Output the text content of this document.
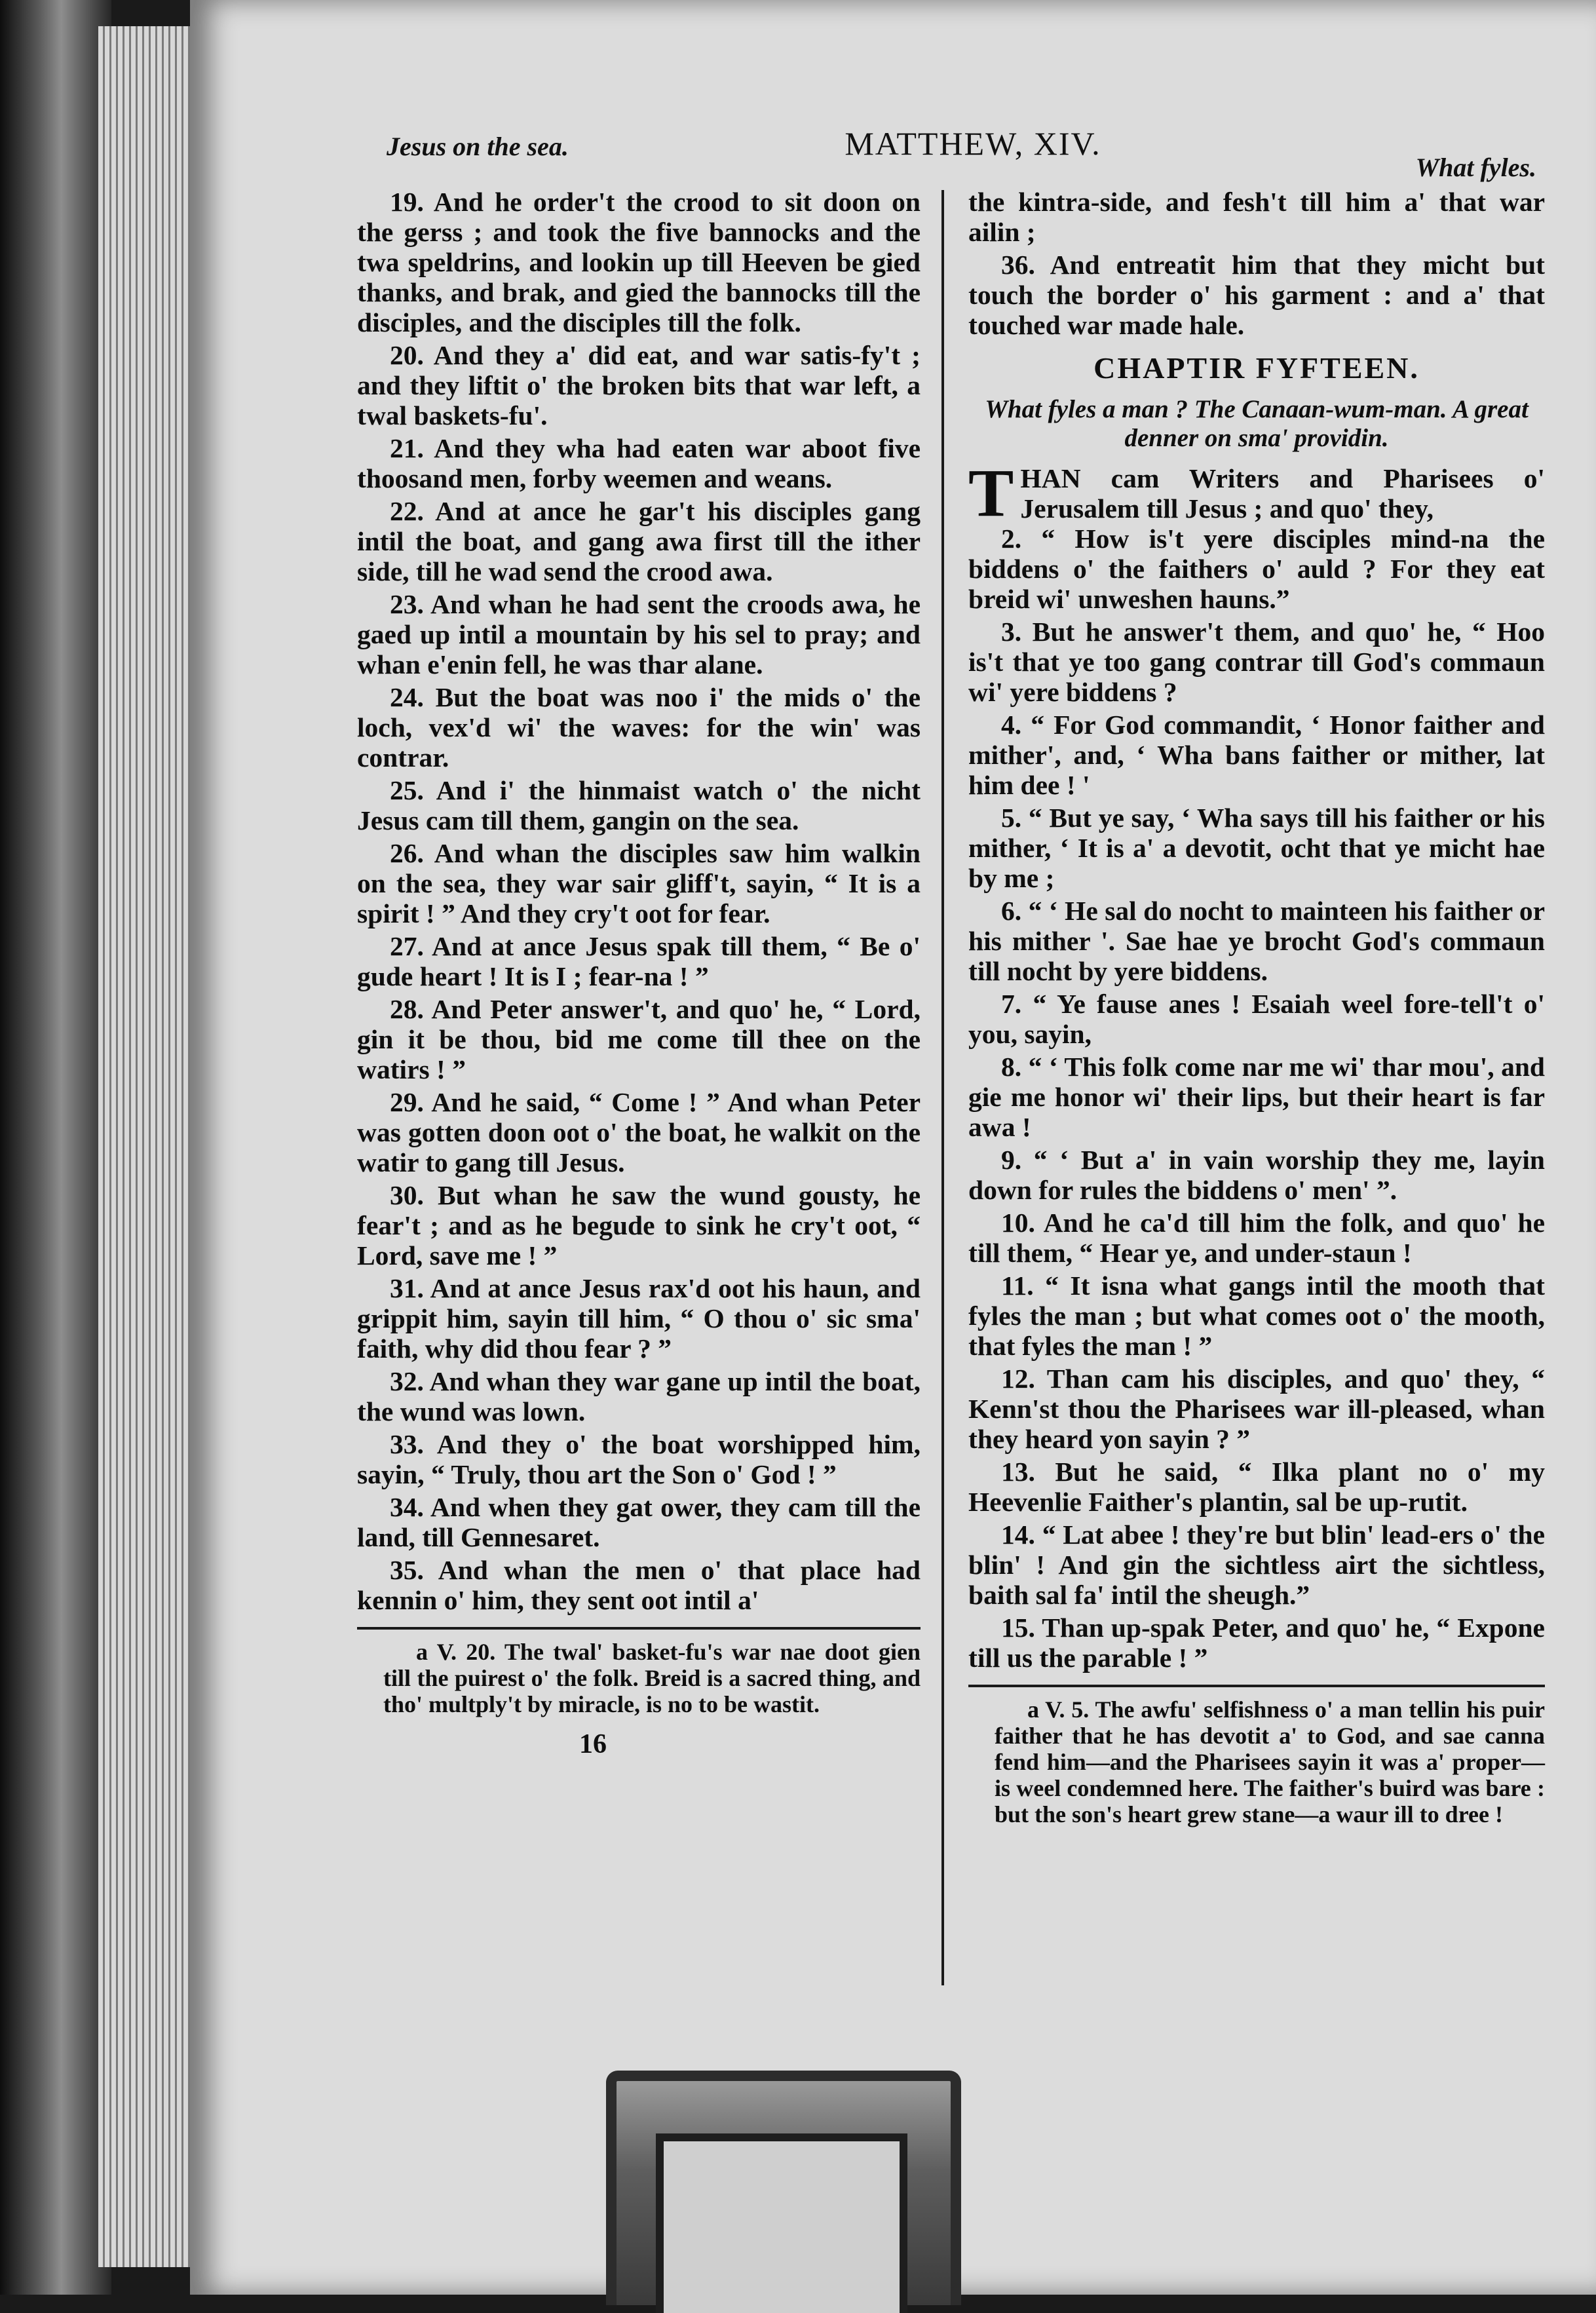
Jesus on the sea.	MATTHEW, XIV.
What fyles.

19. And he order't the crood to sit doon on the gerss ; and took the five bannocks and the twa speldrins, and lookin up till Heeven be gied thanks, and brak, and gied the bannocks till the disciples, and the disciples till the folk.

20. And they a' did eat, and war satis-fy't ; and they liftit o' the broken bits that war left, a twal baskets-fu'.

21. And they wha had eaten war aboot five thoosand men, forby weemen and weans.

22. And at ance he gar't his disciples gang intil the boat, and gang awa first till the ither side, till he wad send the crood awa.

23. And whan he had sent the croods awa, he gaed up intil a mountain by his sel to pray; and whan e'enin fell, he was thar alane.

24. But the boat was noo i' the mids o' the loch, vex'd wi' the waves: for the win' was contrar.

25. And i' the hinmaist watch o' the nicht Jesus cam till them, gangin on the sea.

26. And whan the disciples saw him walkin on the sea, they war sair gliff't, sayin, “ It is a spirit ! ” And they cry't oot for fear.

27. And at ance Jesus spak till them, “ Be o' gude heart ! It is I ; fear-na ! ”

28. And Peter answer't, and quo' he, “ Lord, gin it be thou, bid me come till thee on the watirs ! ”

29. And he said, “ Come ! ” And whan Peter was gotten doon oot o' the boat, he walkit on the watir to gang till Jesus.

30. But whan he saw the wund gousty, he fear't ; and as he begude to sink he cry't oot, “ Lord, save me ! ”

31. And at ance Jesus rax'd oot his haun, and grippit him, sayin till him, “ O thou o' sic sma' faith, why did thou fear ? ”

32. And whan they war gane up intil the boat, the wund was lown.

33. And they o' the boat worshipped him, sayin, “ Truly, thou art the Son o' God ! ”

34. And when they gat ower, they cam till the land, till Gennesaret.

35. And whan the men o' that place had kennin o' him, they sent oot intil a'

a V. 20. The twal' basket-fu's war nae doot gien till the puirest o' the folk. Breid is a sacred thing, and tho' multply't by miracle, is no to be wastit.

16

the kintra-side, and fesh't till him a' that war ailin ;

36. And entreatit him that they micht but touch the border o' his garment : and a' that touched war made hale.

CHAPTIR FYFTEEN.
What fyles a man ? The Canaan-wum-man. A great denner on sma' providin.

THAN cam Writers and Pharisees o' Jerusalem till Jesus ; and quo' they,

2. “ How is't yere disciples mind-na the biddens o' the faithers o' auld ? For they eat breid wi' unweshen hauns.”

3. But he answer't them, and quo' he, “ Hoo is't that ye too gang contrar till God's commaun wi' yere biddens ?

4. “ For God commandit, ‘ Honor faither and mither', and, ‘ Wha bans faither or mither, lat him dee ! '

5. “ But ye say, ‘ Wha says till his faither or his mither, ‘ It is a' a devotit, ocht that ye micht hae by me ;

6. “ ‘ He sal do nocht to mainteen his faither or his mither '. Sae hae ye brocht God's commaun till nocht by yere biddens.

7. “ Ye fause anes ! Esaiah weel fore-tell't o' you, sayin,

8. “ ‘ This folk come nar me wi' thar mou', and gie me honor wi' their lips, but their heart is far awa !

9. “ ‘ But a' in vain worship they me, layin down for rules the biddens o' men' ”.

10. And he ca'd till him the folk, and quo' he till them, “ Hear ye, and under-staun !

11. “ It isna what gangs intil the mooth that fyles the man ; but what comes oot o' the mooth, that fyles the man ! ”

12. Than cam his disciples, and quo' they, “ Kenn'st thou the Pharisees war ill-pleased, whan they heard yon sayin ? ”

13. But he said, “ Ilka plant no o' my Heevenlie Faither's plantin, sal be up-rutit.

14. “ Lat abee ! they're but blin' lead-ers o' the blin' ! And gin the sichtless airt the sichtless, baith sal fa' intil the sheugh.”

15. Than up-spak Peter, and quo' he, “ Expone till us the parable ! ”

a V. 5. The awfu' selfishness o' a man tellin his puir faither that he has devotit a' to God, and sae canna fend him—and the Pharisees sayin it was a' proper—is weel condemned here. The faither's buird was bare : but the son's heart grew stane—a waur ill to dree !
